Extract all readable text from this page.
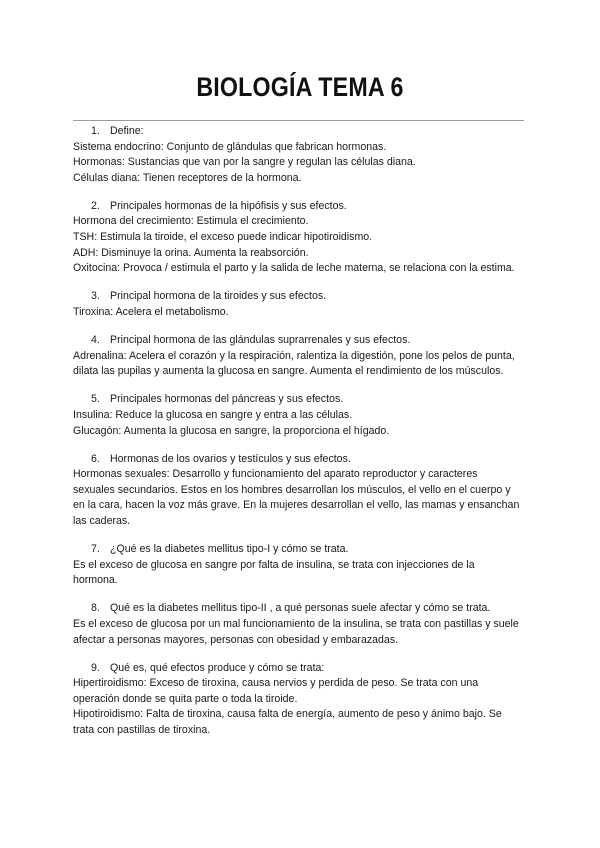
BIOLOGÍA TEMA 6

1. Define:

Sistema endocrino: Conjunto de glándulas que fabrican hormonas.

Hormonas: Sustancias que van por la sangre y regulan las células diana.

Células diana: Tienen receptores de la hormona.

2. Principales hormonas de la hipófisis y sus efectos.

Hormona del crecimiento: Estimula el crecimiento.

TSH: Estimula la tiroide, el exceso puede indicar hipotiroidismo.

ADH: Disminuye la orina. Aumenta la reabsorción.

Oxitocina: Provoca / estimula el parto y la salida de leche materna, se relaciona con la estima.

3. Principal hormona de la tiroides y sus efectos.

Tiroxina: Acelera el metabolismo.

4. Principal hormona de las glándulas suprarrenales y sus efectos.

Adrenalina: Acelera el corazón y la respiración, ralentiza la digestión, pone los pelos de punta, dilata las pupilas y aumenta la glucosa en sangre. Aumenta el rendimiento de los músculos.

5. Principales hormonas del páncreas y sus efectos.

Insulina: Reduce la glucosa en sangre y entra a las células.

Glucagón: Aumenta la glucosa en sangre, la proporciona el hígado.

6. Hormonas de los ovarios y testículos y sus efectos.

Hormonas sexuales: Desarrollo y funcionamiento del aparato reproductor y caracteres sexuales secundarios. Estos en los hombres desarrollan los músculos, el vello en el cuerpo y en la cara, hacen la voz más grave. En la mujeres desarrollan el vello, las mamas y ensanchan las caderas.

7. ¿Qué es la diabetes mellitus tipo-I y cómo se trata.

Es el exceso de glucosa en sangre por falta de insulina, se trata con injecciones de la hormona.

8. Qué es la diabetes mellitus tipo-II , a qué personas suele afectar y cómo se trata.

Es el exceso de glucosa por un mal funcionamiento de la insulina, se trata con pastillas y suele afectar a personas mayores, personas con obesidad y embarazadas.

9. Qué es, qué efectos produce y cómo se trata:

Hipertiroidismo: Exceso de tiroxina, causa nervios y perdida de peso. Se trata con una operación donde se quita parte o toda la tiroide.

Hipotiroidismo: Falta de tiroxina, causa falta de energía, aumento de peso y ánimo bajo. Se trata con pastillas de tiroxina.
